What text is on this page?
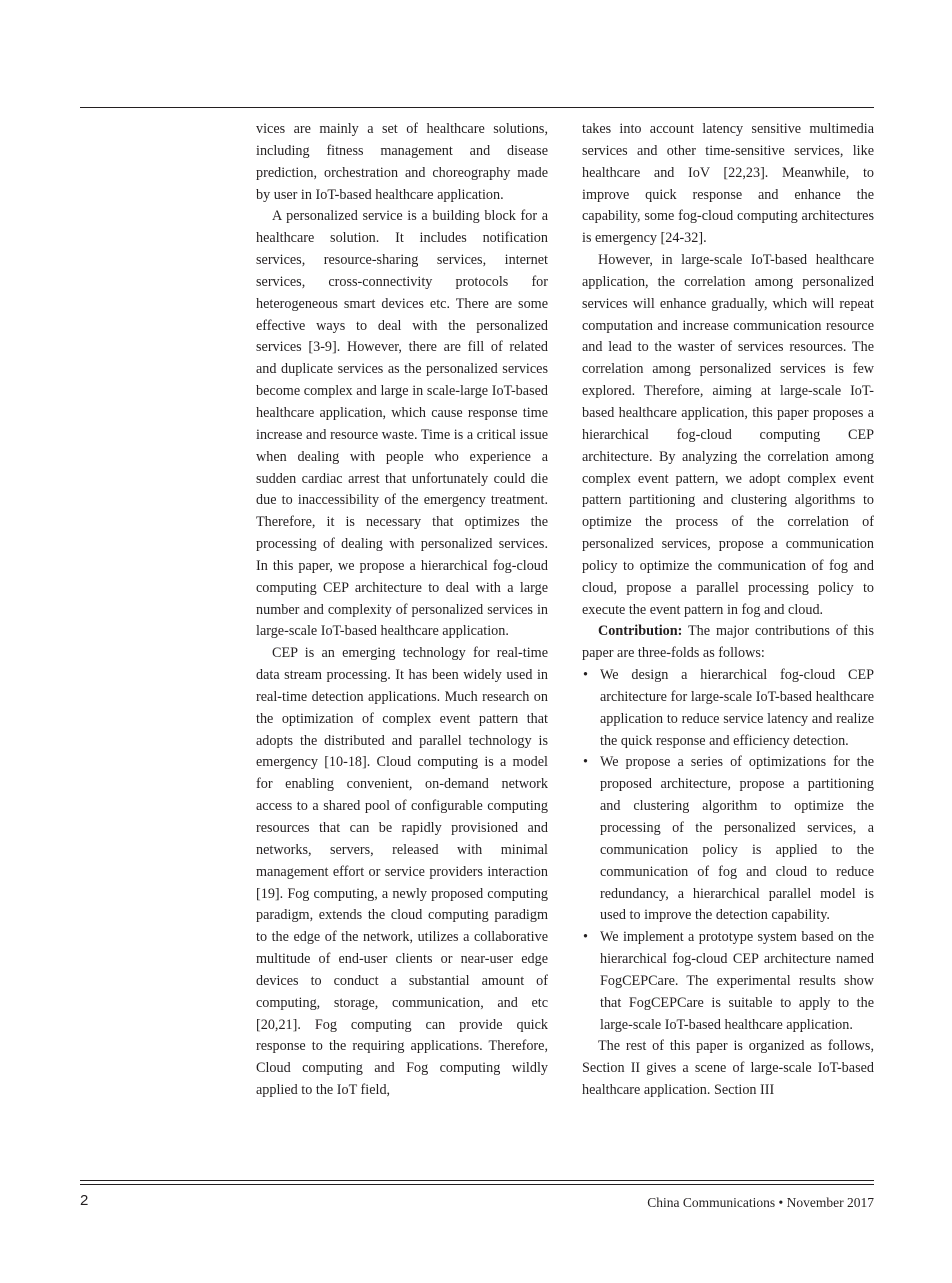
vices are mainly a set of healthcare solutions, including fitness management and disease prediction, orchestration and choreography made by user in IoT-based healthcare application.

A personalized service is a building block for a healthcare solution. It includes notification services, resource-sharing services, internet services, cross-connectivity protocols for heterogeneous smart devices etc. There are some effective ways to deal with the personalized services [3-9]. However, there are fill of related and duplicate services as the personalized services become complex and large in scale-large IoT-based healthcare application, which cause response time increase and resource waste. Time is a critical issue when dealing with people who experience a sudden cardiac arrest that unfortunately could die due to inaccessibility of the emergency treatment. Therefore, it is necessary that optimizes the processing of dealing with personalized services. In this paper, we propose a hierarchical fog-cloud computing CEP architecture to deal with a large number and complexity of personalized services in large-scale IoT-based healthcare application.

CEP is an emerging technology for real-time data stream processing. It has been widely used in real-time detection applications. Much research on the optimization of complex event pattern that adopts the distributed and parallel technology is emergency [10-18]. Cloud computing is a model for enabling convenient, on-demand network access to a shared pool of configurable computing resources that can be rapidly provisioned and networks, servers, released with minimal management effort or service providers interaction [19]. Fog computing, a newly proposed computing paradigm, extends the cloud computing paradigm to the edge of the network, utilizes a collaborative multitude of end-user clients or near-user edge devices to conduct a substantial amount of computing, storage, communication, and etc [20,21]. Fog computing can provide quick response to the requiring applications. Therefore, Cloud computing and Fog computing wildly applied to the IoT field,

takes into account latency sensitive multimedia services and other time-sensitive services, like healthcare and IoV [22,23]. Meanwhile, to improve quick response and enhance the capability, some fog-cloud computing architectures is emergency [24-32].

However, in large-scale IoT-based healthcare application, the correlation among personalized services will enhance gradually, which will repeat computation and increase communication resource and lead to the waster of services resources. The correlation among personalized services is few explored. Therefore, aiming at large-scale IoT-based healthcare application, this paper proposes a hierarchical fog-cloud computing CEP architecture. By analyzing the correlation among complex event pattern, we adopt complex event pattern partitioning and clustering algorithms to optimize the process of the correlation of personalized services, propose a communication policy to optimize the communication of fog and cloud, propose a parallel processing policy to execute the event pattern in fog and cloud.

Contribution: The major contributions of this paper are three-folds as follows:

• We design a hierarchical fog-cloud CEP architecture for large-scale IoT-based healthcare application to reduce service latency and realize the quick response and efficiency detection.
• We propose a series of optimizations for the proposed architecture, propose a partitioning and clustering algorithm to optimize the processing of the personalized services, a communication policy is applied to the communication of fog and cloud to reduce redundancy, a hierarchical parallel model is used to improve the detection capability.
• We implement a prototype system based on the hierarchical fog-cloud CEP architecture named FogCEPCare. The experimental results show that FogCEPCare is suitable to apply to the large-scale IoT-based healthcare application.

The rest of this paper is organized as follows, Section II gives a scene of large-scale IoT-based healthcare application. Section III

2	China Communications • November 2017
